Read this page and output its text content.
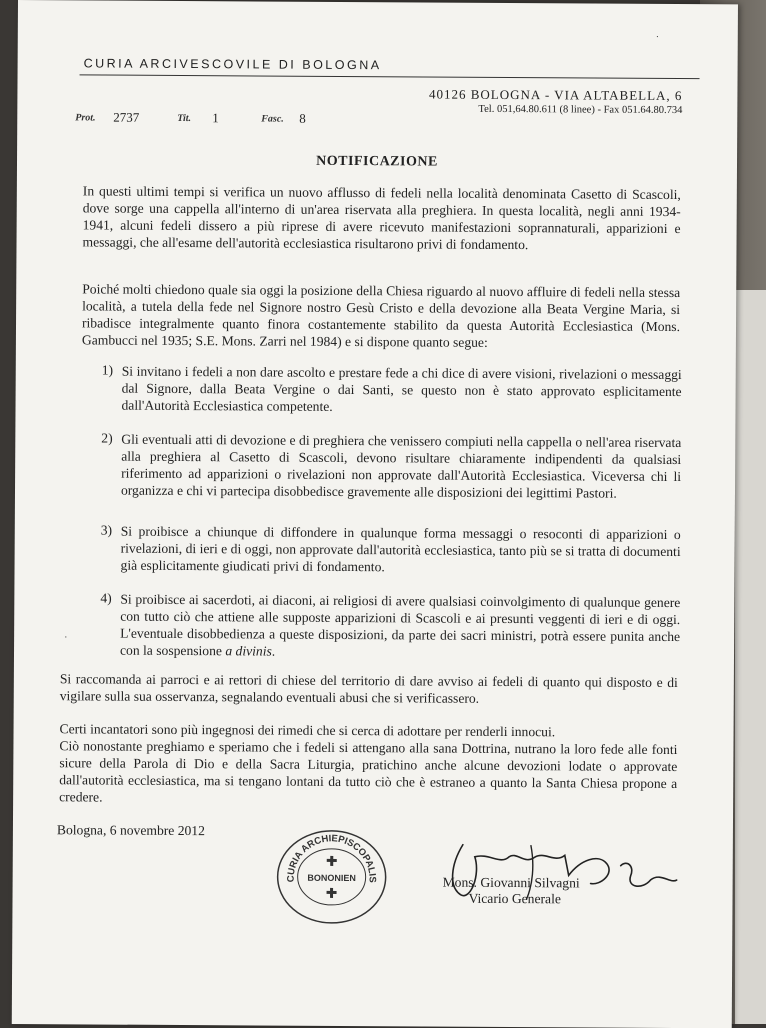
CURIA ARCIVESCOVILE DI BOLOGNA
40126 BOLOGNA - VIA ALTABELLA, 6
Tel. 051,64.80.611 (8 linee) - Fax 051.64.80.734
Prot. 2737	Tit. 1	Fasc. 8
NOTIFICAZIONE

In questi ultimi tempi si verifica un nuovo afflusso di fedeli nella località denominata Casetto di Scascoli, dove sorge una cappella all'interno di un'area riservata alla preghiera. In questa località, negli anni 1934-1941, alcuni fedeli dissero a più riprese di avere ricevuto manifestazioni soprannaturali, apparizioni e messaggi, che all'esame dell'autorità ecclesiastica risultarono privi di fondamento.

Poiché molti chiedono quale sia oggi la posizione della Chiesa riguardo al nuovo affluire di fedeli nella stessa località, a tutela della fede nel Signore nostro Gesù Cristo e della devozione alla Beata Vergine Maria, si ribadisce integralmente quanto finora costantemente stabilito da questa Autorità Ecclesiastica (Mons. Gambucci nel 1935; S.E. Mons. Zarri nel 1984) e si dispone quanto segue:

1) Si invitano i fedeli a non dare ascolto e prestare fede a chi dice di avere visioni, rivelazioni o messaggi dal Signore, dalla Beata Vergine o dai Santi, se questo non è stato approvato esplicitamente dall'Autorità Ecclesiastica competente.

2) Gli eventuali atti di devozione e di preghiera che venissero compiuti nella cappella o nell'area riservata alla preghiera al Casetto di Scascoli, devono risultare chiaramente indipendenti da qualsiasi riferimento ad apparizioni o rivelazioni non approvate dall'Autorità Ecclesiastica. Viceversa chi li organizza e chi vi partecipa disobbedisce gravemente alle disposizioni dei legittimi Pastori.

3) Si proibisce a chiunque di diffondere in qualunque forma messaggi o resoconti di apparizioni o rivelazioni, di ieri e di oggi, non approvate dall'autorità ecclesiastica, tanto più se si tratta di documenti già esplicitamente giudicati privi di fondamento.

4) Si proibisce ai sacerdoti, ai diaconi, ai religiosi di avere qualsiasi coinvolgimento di qualunque genere con tutto ciò che attiene alle supposte apparizioni di Scascoli e ai presunti veggenti di ieri e di oggi. L'eventuale disobbedienza a queste disposizioni, da parte dei sacri ministri, potrà essere punita anche con la sospensione a divinis.

Si raccomanda ai parroci e ai rettori di chiese del territorio di dare avviso ai fedeli di quanto qui disposto e di vigilare sulla sua osservanza, segnalando eventuali abusi che si verificassero.

Certi incantatori sono più ingegnosi dei rimedi che si cerca di adottare per renderli innocui.

Ciò nonostante preghiamo e speriamo che i fedeli si attengano alla sana Dottrina, nutrano la loro fede alle fonti sicure della Parola di Dio e della Sacra Liturgia, pratichino anche alcune devozioni lodate o approvate dall'autorità ecclesiastica, ma si tengano lontani da tutto ciò che è estraneo a quanto la Santa Chiesa propone a credere.

Bologna, 6 novembre 2012
CURIA ARCHIEPISCOPALIS
BONONIEN	Mons. Giovanni Silvagni
Vicario Generale
·
·
